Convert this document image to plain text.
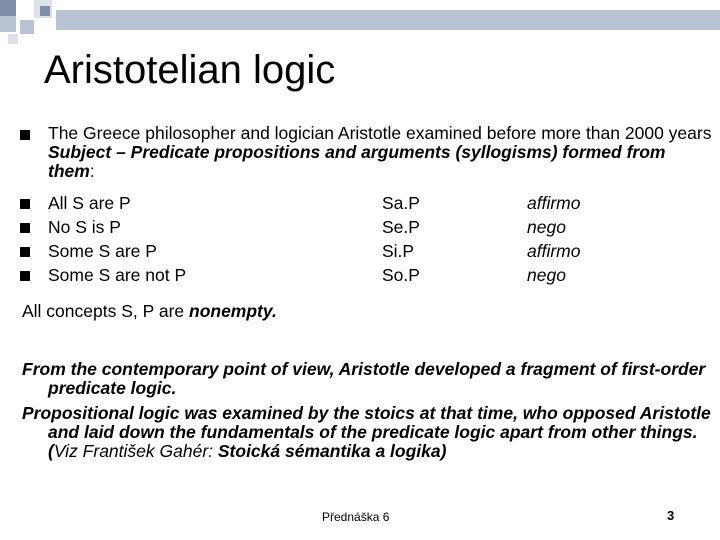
Aristotelian logic
The Greece philosopher and logician Aristotle examined before more than 2000 years Subject – Predicate propositions and arguments (syllogisms) formed from them:
All S are P	Sa.P	affirmo
No S is P	Se.P	nego
Some S are P	Si.P	affirmo
Some S are not P	So.P	nego
All concepts S, P are nonempty.
From the contemporary point of view, Aristotle developed a fragment of first-order predicate logic.
Propositional logic was examined by the stoics at that time, who opposed Aristotle and laid down the fundamentals of the predicate logic apart from other things. (Viz František Gahér: Stoická sémantika a logika)
Přednáška 6	3
